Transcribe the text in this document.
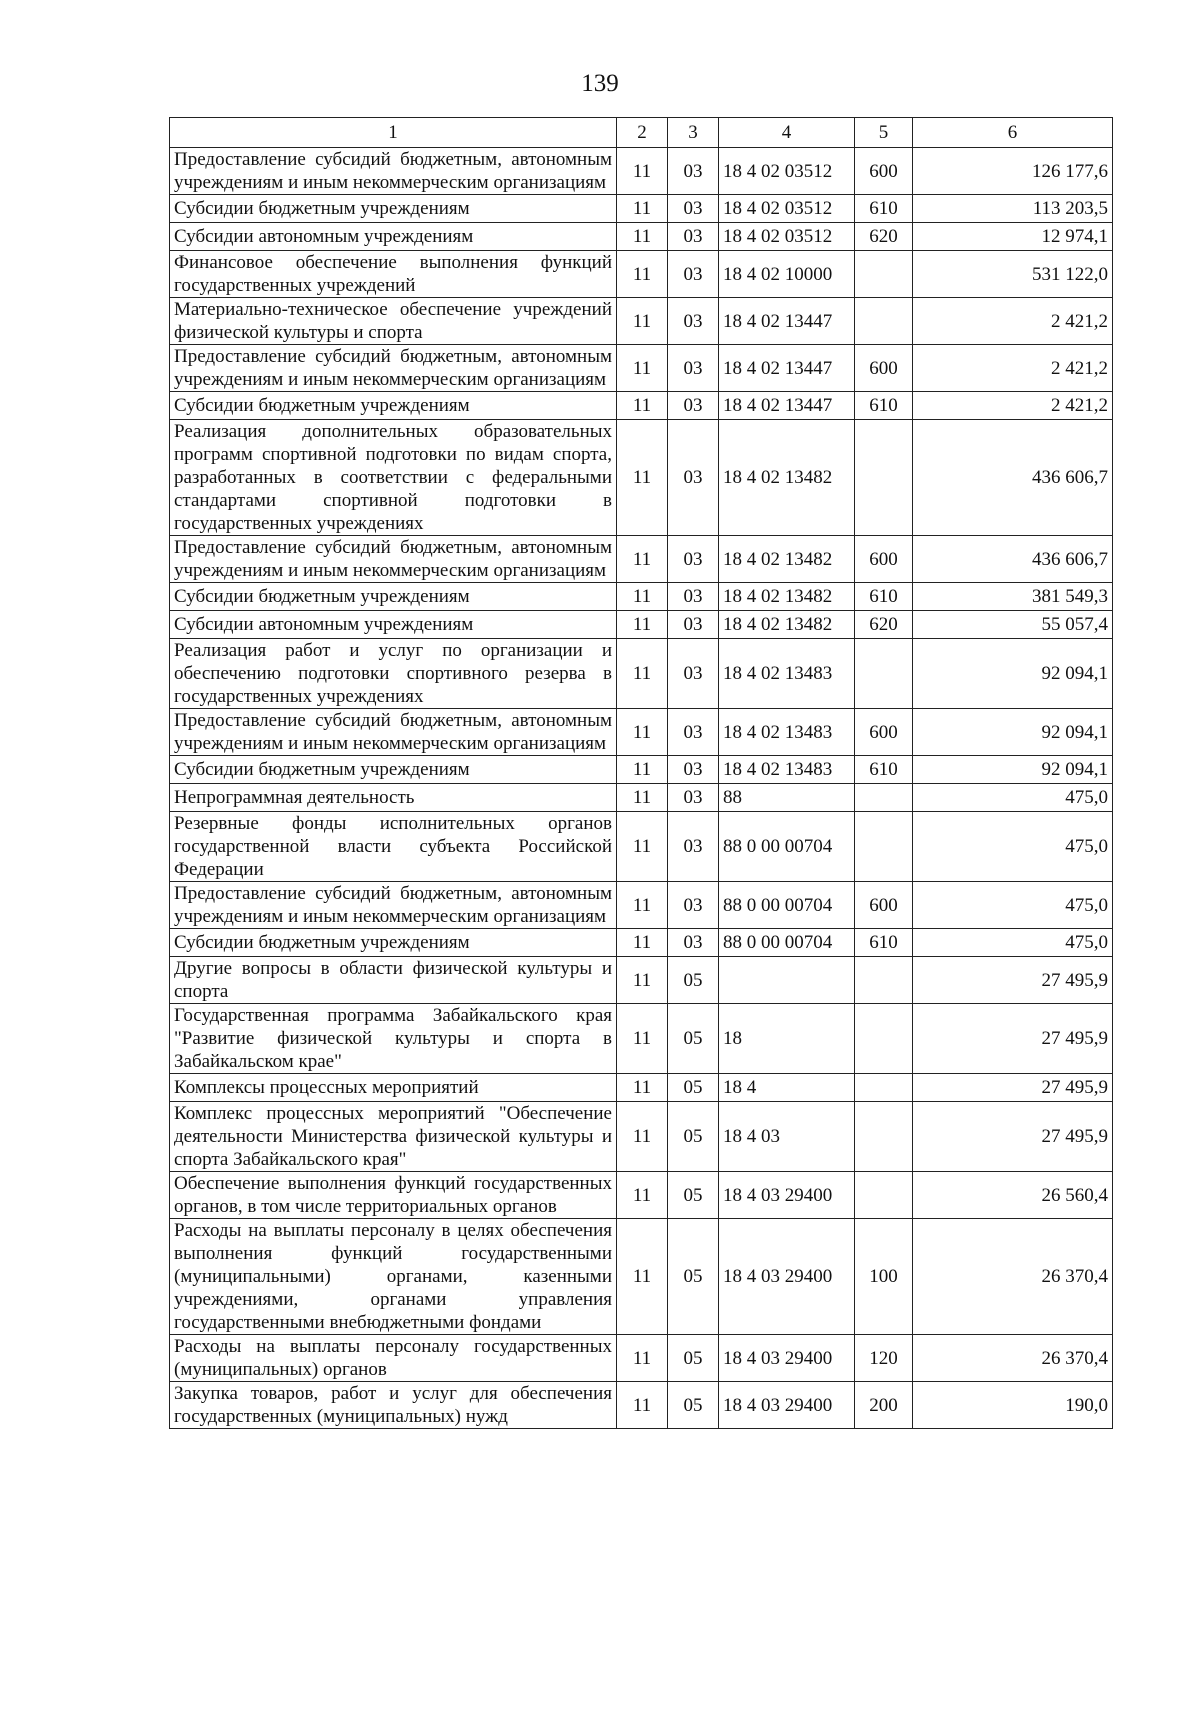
139
1	2	3	4	5	6
Предоставление субсидий бюджетным, автономным учреждениям и иным некоммерческим организациям	11	03	18 4 02 03512	600	126 177,6
Субсидии бюджетным учреждениям	11	03	18 4 02 03512	610	113 203,5
Субсидии автономным учреждениям	11	03	18 4 02 03512	620	12 974,1
Финансовое обеспечение выполнения функций государственных учреждений	11	03	18 4 02 10000		531 122,0
Материально-техническое обеспечение учреждений физической культуры и спорта	11	03	18 4 02 13447		2 421,2
Предоставление субсидий бюджетным, автономным учреждениям и иным некоммерческим организациям	11	03	18 4 02 13447	600	2 421,2
Субсидии бюджетным учреждениям	11	03	18 4 02 13447	610	2 421,2
Реализация дополнительных образовательных программ спортивной подготовки по видам спорта, разработанных в соответствии с федеральными стандартами спортивной подготовки в государственных учреждениях	11	03	18 4 02 13482		436 606,7
Предоставление субсидий бюджетным, автономным учреждениям и иным некоммерческим организациям	11	03	18 4 02 13482	600	436 606,7
Субсидии бюджетным учреждениям	11	03	18 4 02 13482	610	381 549,3
Субсидии автономным учреждениям	11	03	18 4 02 13482	620	55 057,4
Реализация работ и услуг по организации и обеспечению подготовки спортивного резерва в государственных учреждениях	11	03	18 4 02 13483		92 094,1
Предоставление субсидий бюджетным, автономным учреждениям и иным некоммерческим организациям	11	03	18 4 02 13483	600	92 094,1
Субсидии бюджетным учреждениям	11	03	18 4 02 13483	610	92 094,1
Непрограммная деятельность	11	03	88		475,0
Резервные фонды исполнительных органов государственной власти субъекта Российской Федерации	11	03	88 0 00 00704		475,0
Предоставление субсидий бюджетным, автономным учреждениям и иным некоммерческим организациям	11	03	88 0 00 00704	600	475,0
Субсидии бюджетным учреждениям	11	03	88 0 00 00704	610	475,0
Другие вопросы в области физической культуры и спорта	11	05			27 495,9
Государственная программа Забайкальского края "Развитие физической культуры и спорта в Забайкальском крае"	11	05	18		27 495,9
Комплексы процессных мероприятий	11	05	18 4		27 495,9
Комплекс процессных мероприятий "Обеспечение деятельности Министерства физической культуры и спорта Забайкальского края"	11	05	18 4 03		27 495,9
Обеспечение выполнения функций государственных органов, в том числе территориальных органов	11	05	18 4 03 29400		26 560,4
Расходы на выплаты персоналу в целях обеспечения выполнения функций государственными (муниципальными) органами, казенными учреждениями, органами управления государственными внебюджетными фондами	11	05	18 4 03 29400	100	26 370,4
Расходы на выплаты персоналу государственных (муниципальных) органов	11	05	18 4 03 29400	120	26 370,4
Закупка товаров, работ и услуг для обеспечения государственных (муниципальных) нужд	11	05	18 4 03 29400	200	190,0
